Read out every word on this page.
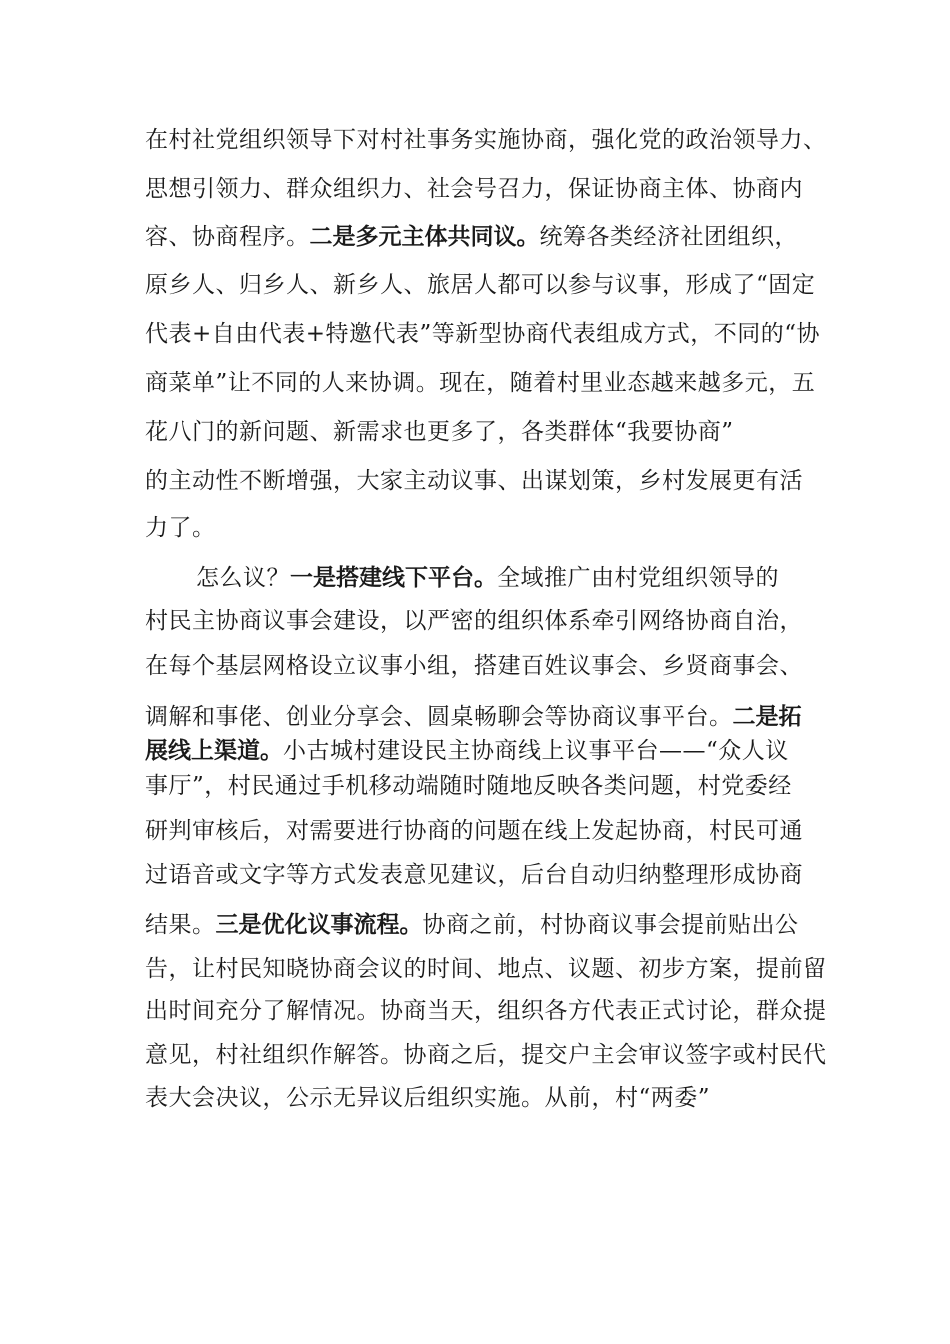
在村社党组织领导下对村社事务实施协商，强化党的政治领导力、
思想引领力、群众组织力、社会号召力，保证协商主体、协商内
容、协商程序。二是多元主体共同议。统筹各类经济社团组织，
原乡人、归乡人、新乡人、旅居人都可以参与议事，形成了“固定
代表+自由代表+特邀代表”等新型协商代表组成方式，不同的“协
商菜单”让不同的人来协调。现在，随着村里业态越来越多元，五
花八门的新问题、新需求也更多了，各类群体“我要协商”
的主动性不断增强，大家主动议事、出谋划策，乡村发展更有活
力了。
怎么议？一是搭建线下平台。全域推广由村党组织领导的
村民主协商议事会建设，以严密的组织体系牵引网络协商自治，
在每个基层网格设立议事小组，搭建百姓议事会、乡贤商事会、
调解和事佬、创业分享会、圆桌畅聊会等协商议事平台。二是拓
展线上渠道。小古城村建设民主协商线上议事平台——“众人议
事厅”，村民通过手机移动端随时随地反映各类问题，村党委经
研判审核后，对需要进行协商的问题在线上发起协商，村民可通
过语音或文字等方式发表意见建议，后台自动归纳整理形成协商
结果。三是优化议事流程。协商之前，村协商议事会提前贴出公
告，让村民知晓协商会议的时间、地点、议题、初步方案，提前留
出时间充分了解情况。协商当天，组织各方代表正式讨论，群众提
意见，村社组织作解答。协商之后，提交户主会审议签字或村民代
表大会决议，公示无异议后组织实施。从前，村“两委”
